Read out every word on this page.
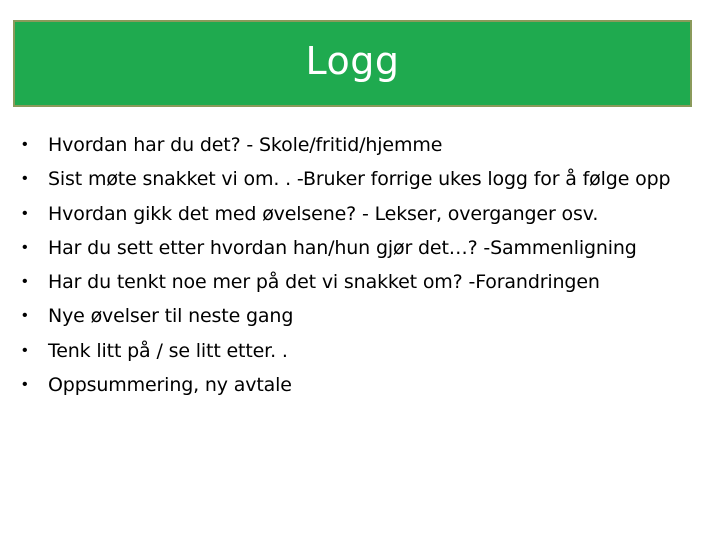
Logg
• Hvordan har du det? - Skole/fritid/hjemme
• Sist møte snakket vi om. . -Bruker forrige ukes logg for å følge opp
• Hvordan gikk det med øvelsene? - Lekser, overganger osv.
• Har du sett etter hvordan han/hun gjør det…? -Sammenligning
• Har du tenkt noe mer på det vi snakket om? -Forandringen
• Nye øvelser til neste gang
• Tenk litt på / se litt etter. .
• Oppsummering, ny avtale
